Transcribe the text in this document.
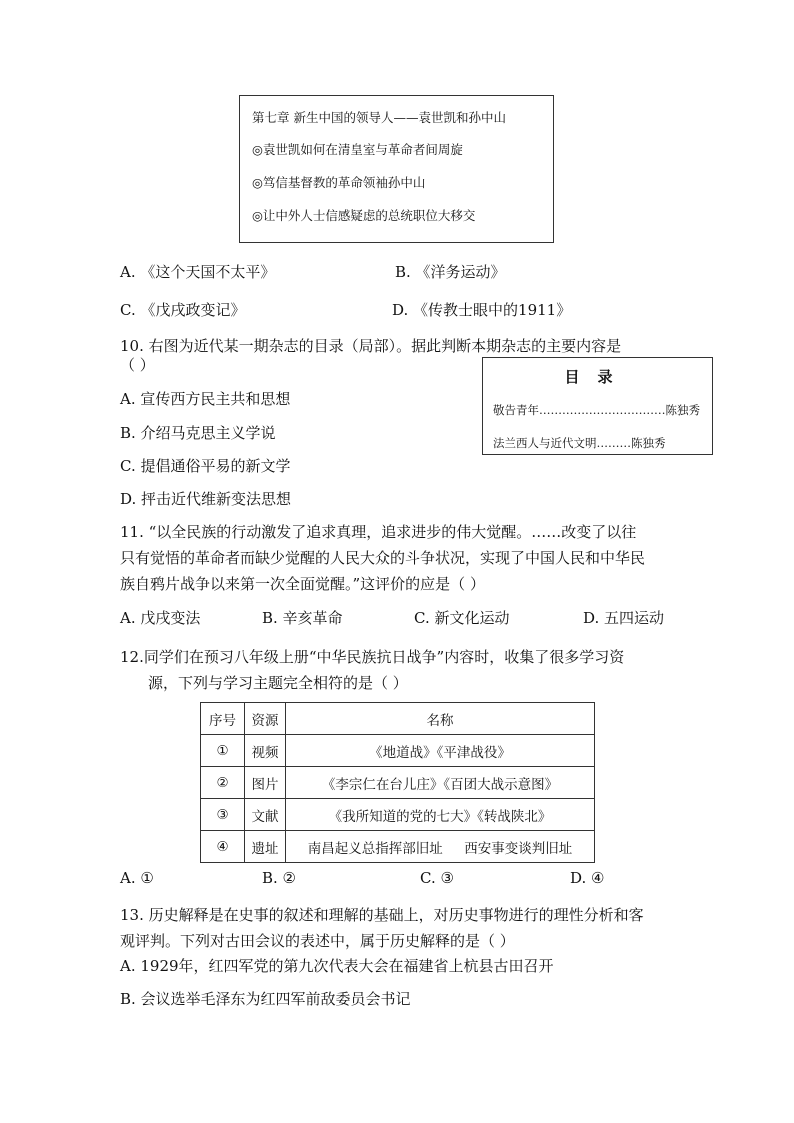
第七章 新生中国的领导人——袁世凯和孙中山
◎袁世凯如何在清皇室与革命者间周旋
◎笃信基督教的革命领袖孙中山
◎让中外人士信感疑虑的总统职位大移交
A. 《这个天国不太平》	B. 《洋务运动》
C. 《戊戌政变记》	D. 《传教士眼中的1911》
10. 右图为近代某一期杂志的目录（局部）。据此判断本期杂志的主要内容是
（ ）
目录
敬告青年……………………………陈独秀
法兰西人与近代文明………陈独秀
A. 宣传西方民主共和思想
B. 介绍马克思主义学说
C. 提倡通俗平易的新文学
D. 抨击近代维新变法思想
11. “以全民族的行动激发了追求真理，追求进步的伟大觉醒。……改变了以往
只有觉悟的革命者而缺少觉醒的人民大众的斗争状况，实现了中国人民和中华民
族自鸦片战争以来第一次全面觉醒。”这评价的应是（ ）
A. 戊戌变法	B. 辛亥革命	C. 新文化运动	D. 五四运动
12.同学们在预习八年级上册“中华民族抗日战争”内容时，收集了很多学习资
源，下列与学习主题完全相符的是（ ）
序号	资源	名称
①	视频	《地道战》《平津战役》
②	图片	《李宗仁在台儿庄》《百团大战示意图》
③	文献	《我所知道的党的七大》《转战陕北》
④	遗址	南昌起义总指挥部旧址     西安事变谈判旧址
A. ①	B. ②	C. ③	D. ④
13. 历史解释是在史事的叙述和理解的基础上，对历史事物进行的理性分析和客
观评判。下列对古田会议的表述中，属于历史解释的是（ ）
A. 1929年，红四军党的第九次代表大会在福建省上杭县古田召开
B. 会议选举毛泽东为红四军前敌委员会书记
